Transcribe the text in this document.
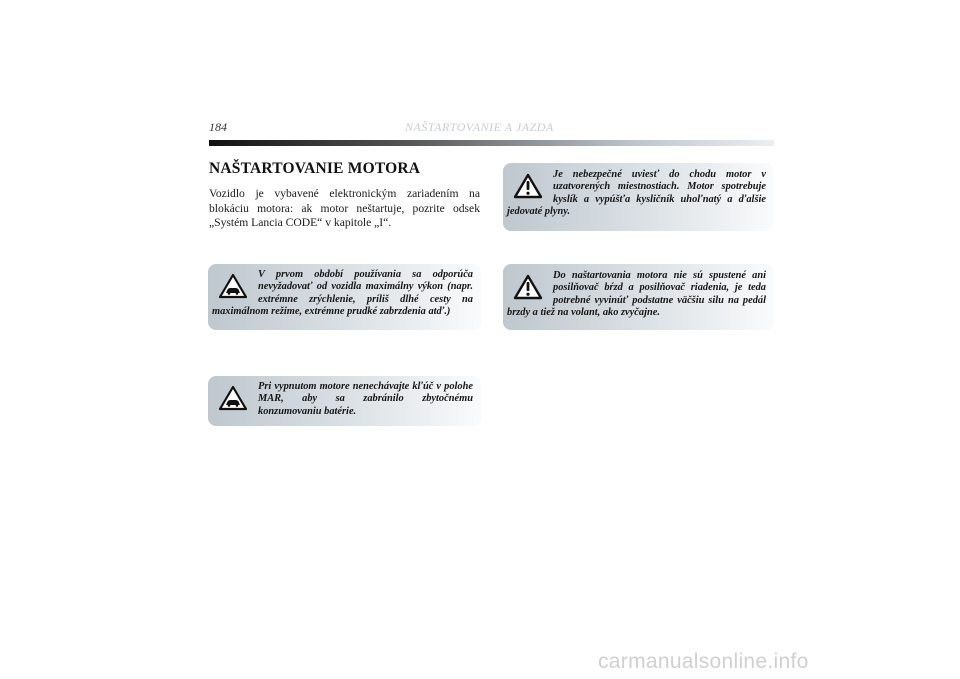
184	NAŠTARTOVANIE A JAZDA
NAŠTARTOVANIE MOTORA

Vozidlo je vybavené elektronickým zariadením na blokáciu motora: ak motor neštartuje, pozrite odsek „Systém Lancia CODE“ v kapitole „I“.

V prvom období používania sa odporúča nevyžadovať od vozidla maximálny výkon (napr. extrémne zrýchlenie, príliš dlhé cesty na maximálnom režime, extrémne prudké zabrzdenia atď.)

Pri vypnutom motore nenechávajte kľúč v polohe MAR, aby sa zabránilo zbytočnému konzumovaniu batérie.

Je nebezpečné uviesť do chodu motor v uzatvorených miestnostiach. Motor spotrebuje kyslík a vypúšťa kysličník uhoľnatý a ďalšie jedovaté plyny.

Do naštartovania motora nie sú spustené ani posilňovač bŕzd a posilňovač riadenia, je teda potrebné vyvinúť podstatne väčšiu silu na pedál brzdy a tiež na volant, ako zvyčajne.

carmanualsonline.info
